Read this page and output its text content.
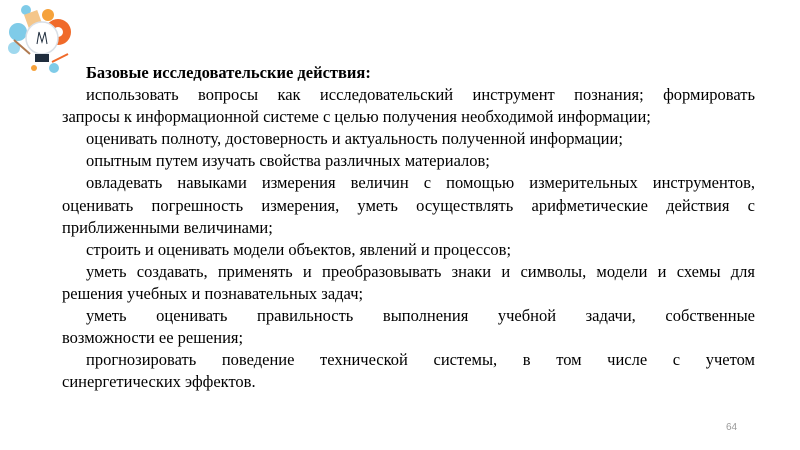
Базовые исследовательские действия:
использовать вопросы как исследовательский инструмент познания; формировать
запросы к информационной системе с целью получения необходимой информации;
оценивать полноту, достоверность и актуальность полученной информации;
опытным путем изучать свойства различных материалов;
овладевать навыками измерения величин с помощью измерительных инструментов,
оценивать погрешность измерения, уметь осуществлять арифметические действия с
приближенными величинами;
строить и оценивать модели объектов, явлений и процессов;
уметь создавать, применять и преобразовывать знаки и символы, модели и схемы для
решения учебных и познавательных задач;
уметь оценивать правильность выполнения учебной задачи, собственные
возможности ее решения;
прогнозировать поведение технической системы, в том числе с учетом
синергетических эффектов.
64
